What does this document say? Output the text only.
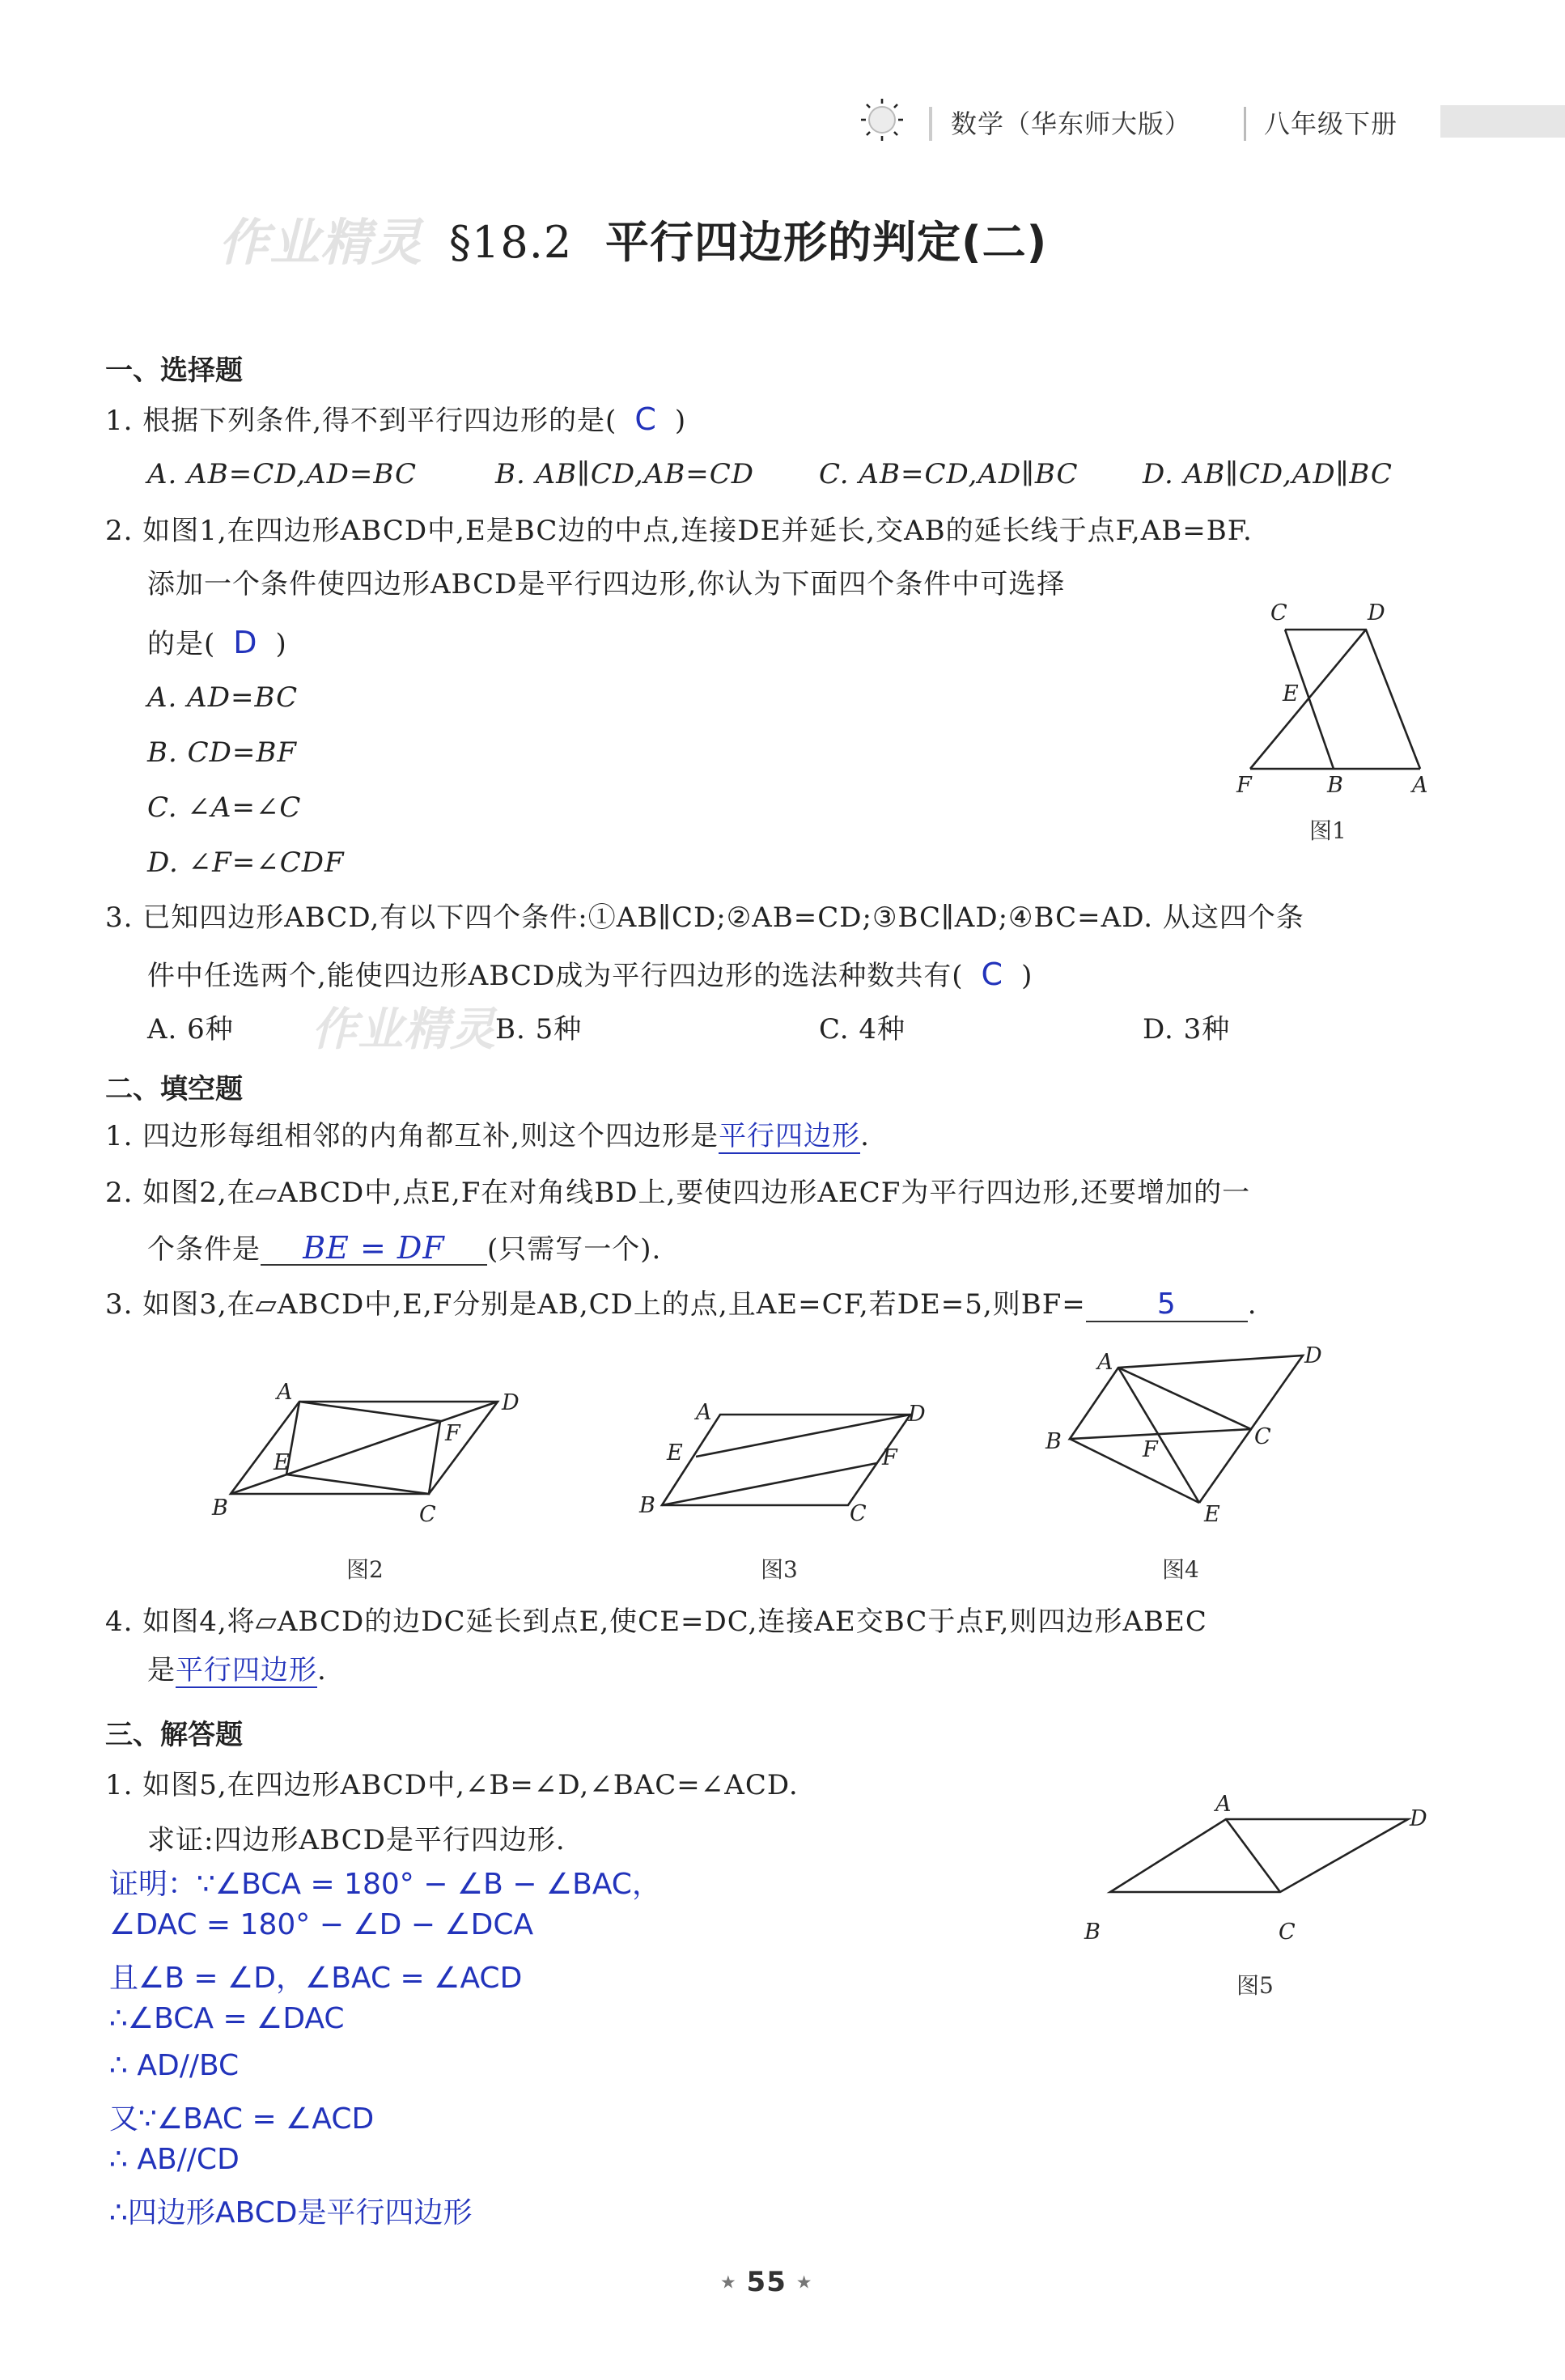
数学（华东师大版）	八年级下册
作业精灵 §18.2 平行四边形的判定(二)
一、选择题
1. 根据下列条件,得不到平行四边形的是( C )
A. AB=CD,AD=BC	B. AB∥CD,AB=CD C. AB=CD,AD∥BC D. AB∥CD,AD∥BC
2. 如图1,在四边形ABCD中,E是BC边的中点,连接DE并延长,交AB的延长线于点F,AB=BF.
添加一个条件使四边形ABCD是平行四边形,你认为下面四个条件中可选择
的是( D )
A. AD=BC
B. CD=BF
C. ∠A=∠C
D. ∠F=∠CDF
C	D
E
F	B	A
图1
3. 已知四边形ABCD,有以下四个条件:①AB∥CD;②AB=CD;③BC∥AD;④BC=AD. 从这四个条
件中任选两个,能使四边形ABCD成为平行四边形的选法种数共有( C )
A. 6种	B. 5种	C. 4种	D. 3种
作业精灵
二、填空题
1. 四边形每组相邻的内角都互补,则这个四边形是平行四边形.
2. 如图2,在▱ABCD中,点E,F在对角线BD上,要使四边形AECF为平行四边形,还要增加的一
个条件是 BE = DF (只需写一个).
3. 如图3,在▱ABCD中,E,F分别是AB,CD上的点,且AE=CF,若DE=5,则BF= 5	.
A	D
E
F
B	C
图2
A	D
E	F
B	C
图3
A	D
B	F
C
E
图4
4. 如图4,将▱ABCD的边DC延长到点E,使CE=DC,连接AE交BC于点F,则四边形ABEC
是平行四边形.
三、解答题
1. 如图5,在四边形ABCD中,∠B=∠D,∠BAC=∠ACD.
求证:四边形ABCD是平行四边形.
证明：∵∠BCA = 180° − ∠B − ∠BAC，
∠DAC = 180° − ∠D − ∠DCA
且∠B = ∠D，∠BAC = ∠ACD
∴∠BCA = ∠DAC
∴ AD//BC
又∵∠BAC = ∠ACD
∴ AB//CD
∴四边形ABCD是平行四边形
A
D
B	C
图5
★ 55 ★
